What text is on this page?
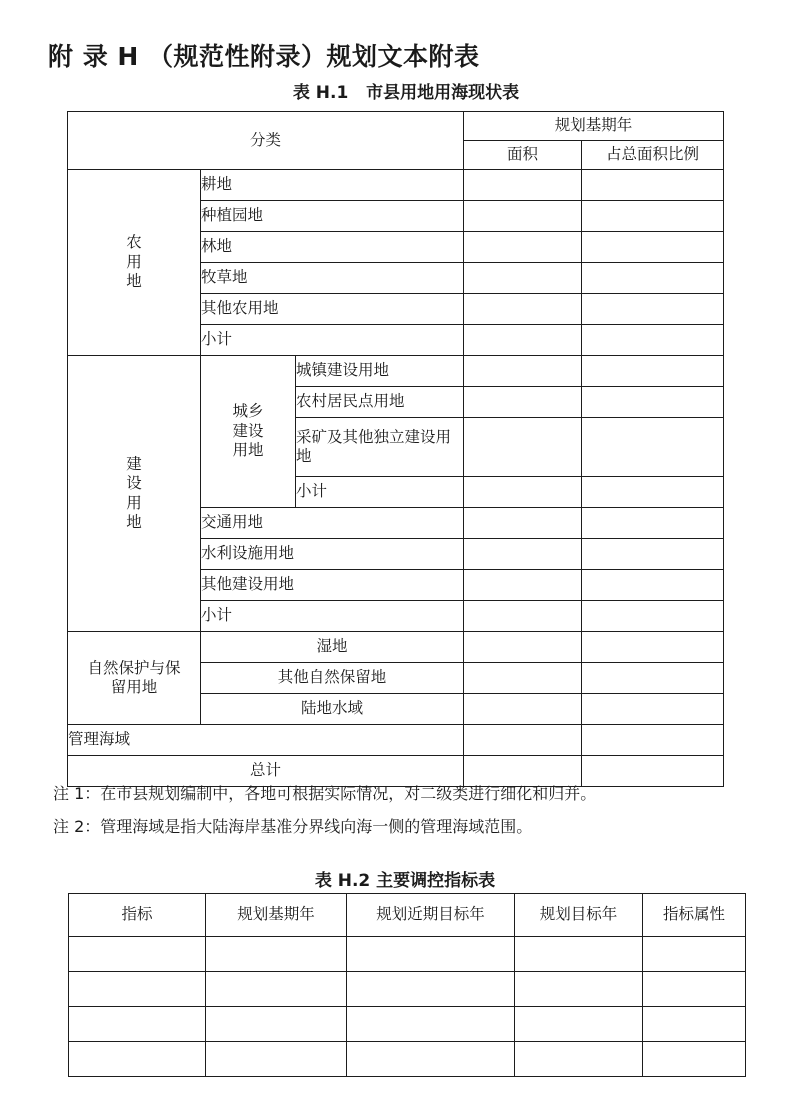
附 录 H （规范性附录）规划文本附表
表 H.1   市县用地用海现状表
分类			规划基期年	
			面积	占总面积比例

农
用
地	耕地			
	种植园地			
	林地			
	牧草地			
	其他农用地			
	小计			

建
设
用
地	城乡
建设
用地	城镇建设用地		
		农村居民点用地		
		采矿及其他独立建设用地		
		小计		
	交通用地			
	水利设施用地			
	其他建设用地			
	小计			

自然保护与保
留用地	湿地			
	其他自然保留地			
	陆地水域			
管理海域				
总计				
注 1：在市县规划编制中，各地可根据实际情况，对二级类进行细化和归并。
注 2：管理海域是指大陆海岸基准分界线向海一侧的管理海域范围。
表 H.2 主要调控指标表
指标	规划基期年	规划近期目标年	规划目标年	指标属性
